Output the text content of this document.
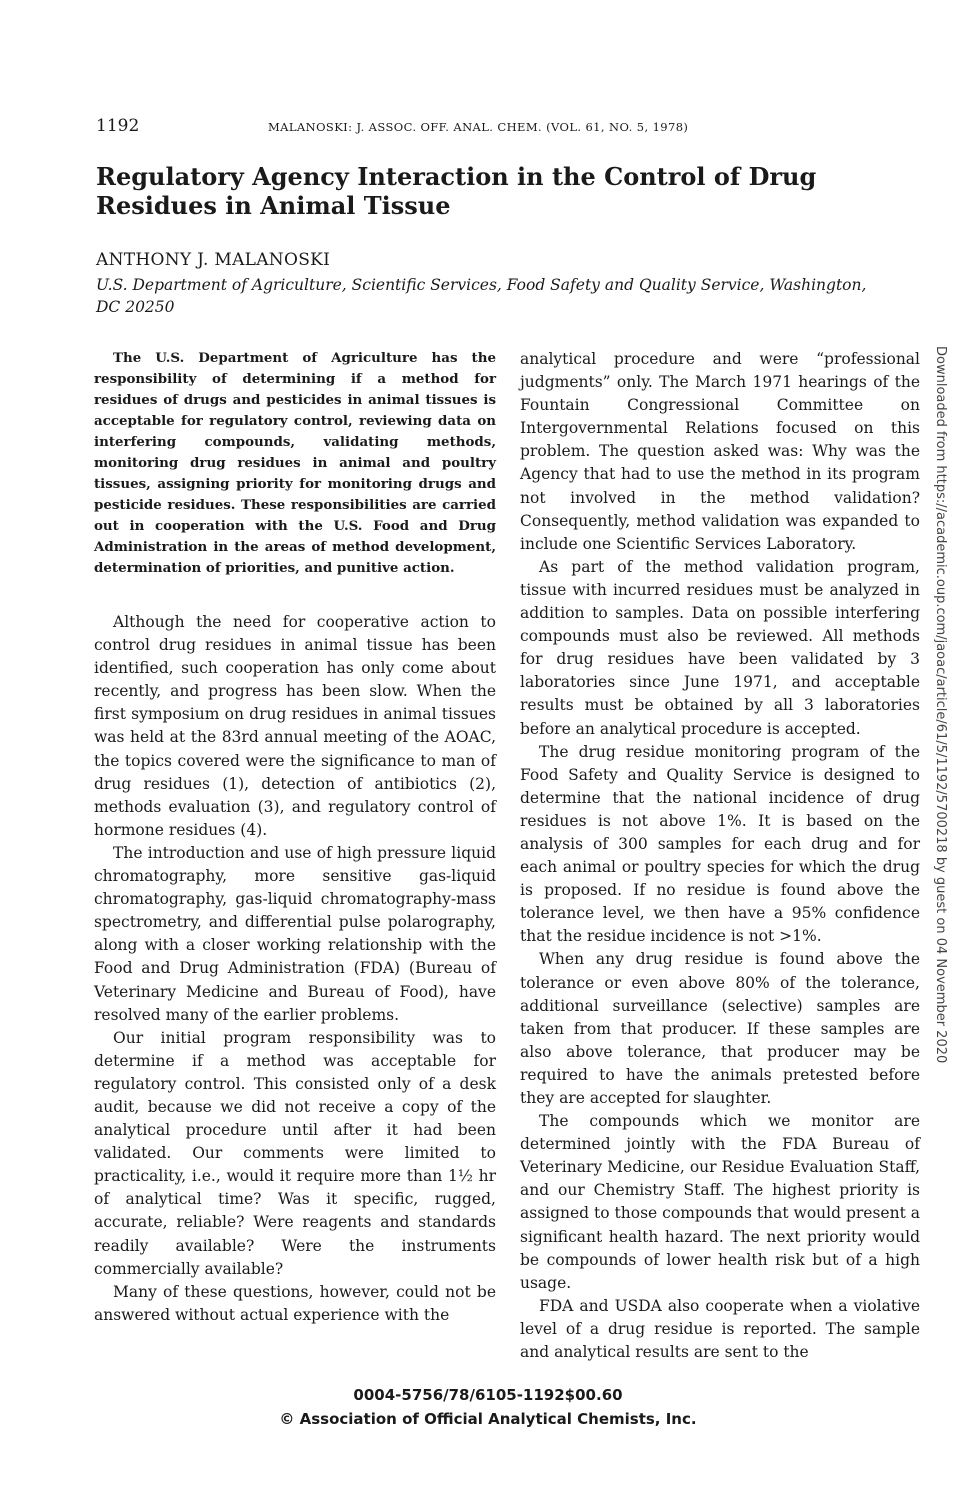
1192	MALANOSKI: J. ASSOC. OFF. ANAL. CHEM. (VOL. 61, NO. 5, 1978)
Regulatory Agency Interaction in the Control of Drug Residues in Animal Tissue
ANTHONY J. MALANOSKI
U.S. Department of Agriculture, Scientific Services, Food Safety and Quality Service, Washington, DC 20250

The U.S. Department of Agriculture has the responsibility of determining if a method for residues of drugs and pesticides in animal tissues is acceptable for regulatory control, reviewing data on interfering compounds, validating methods, monitoring drug residues in animal and poultry tissues, assigning priority for monitoring drugs and pesticide residues. These responsibilities are carried out in cooperation with the U.S. Food and Drug Administration in the areas of method development, determination of priorities, and punitive action.

Although the need for cooperative action to control drug residues in animal tissue has been identified, such cooperation has only come about recently, and progress has been slow. When the first symposium on drug residues in animal tissues was held at the 83rd annual meeting of the AOAC, the topics covered were the significance to man of drug residues (1), detection of antibiotics (2), methods evaluation (3), and regulatory control of hormone residues (4).

The introduction and use of high pressure liquid chromatography, more sensitive gas-liquid chromatography, gas-liquid chromatography-mass spectrometry, and differential pulse polarography, along with a closer working relationship with the Food and Drug Administration (FDA) (Bureau of Veterinary Medicine and Bureau of Food), have resolved many of the earlier problems.

Our initial program responsibility was to determine if a method was acceptable for regulatory control. This consisted only of a desk audit, because we did not receive a copy of the analytical procedure until after it had been validated. Our comments were limited to practicality, i.e., would it require more than 1½ hr of analytical time? Was it specific, rugged, accurate, reliable? Were reagents and standards readily available? Were the instruments commercially available?

Many of these questions, however, could not be answered without actual experience with the

analytical procedure and were “professional judgments” only. The March 1971 hearings of the Fountain Congressional Committee on Intergovernmental Relations focused on this problem. The question asked was: Why was the Agency that had to use the method in its program not involved in the method validation? Consequently, method validation was expanded to include one Scientific Services Laboratory.

As part of the method validation program, tissue with incurred residues must be analyzed in addition to samples. Data on possible interfering compounds must also be reviewed. All methods for drug residues have been validated by 3 laboratories since June 1971, and acceptable results must be obtained by all 3 laboratories before an analytical procedure is accepted.

The drug residue monitoring program of the Food Safety and Quality Service is designed to determine that the national incidence of drug residues is not above 1%. It is based on the analysis of 300 samples for each drug and for each animal or poultry species for which the drug is proposed. If no residue is found above the tolerance level, we then have a 95% confidence that the residue incidence is not >1%.

When any drug residue is found above the tolerance or even above 80% of the tolerance, additional surveillance (selective) samples are taken from that producer. If these samples are also above tolerance, that producer may be required to have the animals pretested before they are accepted for slaughter.

The compounds which we monitor are determined jointly with the FDA Bureau of Veterinary Medicine, our Residue Evaluation Staff, and our Chemistry Staff. The highest priority is assigned to those compounds that would present a significant health hazard. The next priority would be compounds of lower health risk but of a high usage.

FDA and USDA also cooperate when a violative level of a drug residue is reported. The sample and analytical results are sent to the

0004-5756/78/6105-1192$00.60
© Association of Official Analytical Chemists, Inc.
Downloaded from https://academic.oup.com/jaoac/article/61/5/1192/5700218 by guest on 04 November 2020
